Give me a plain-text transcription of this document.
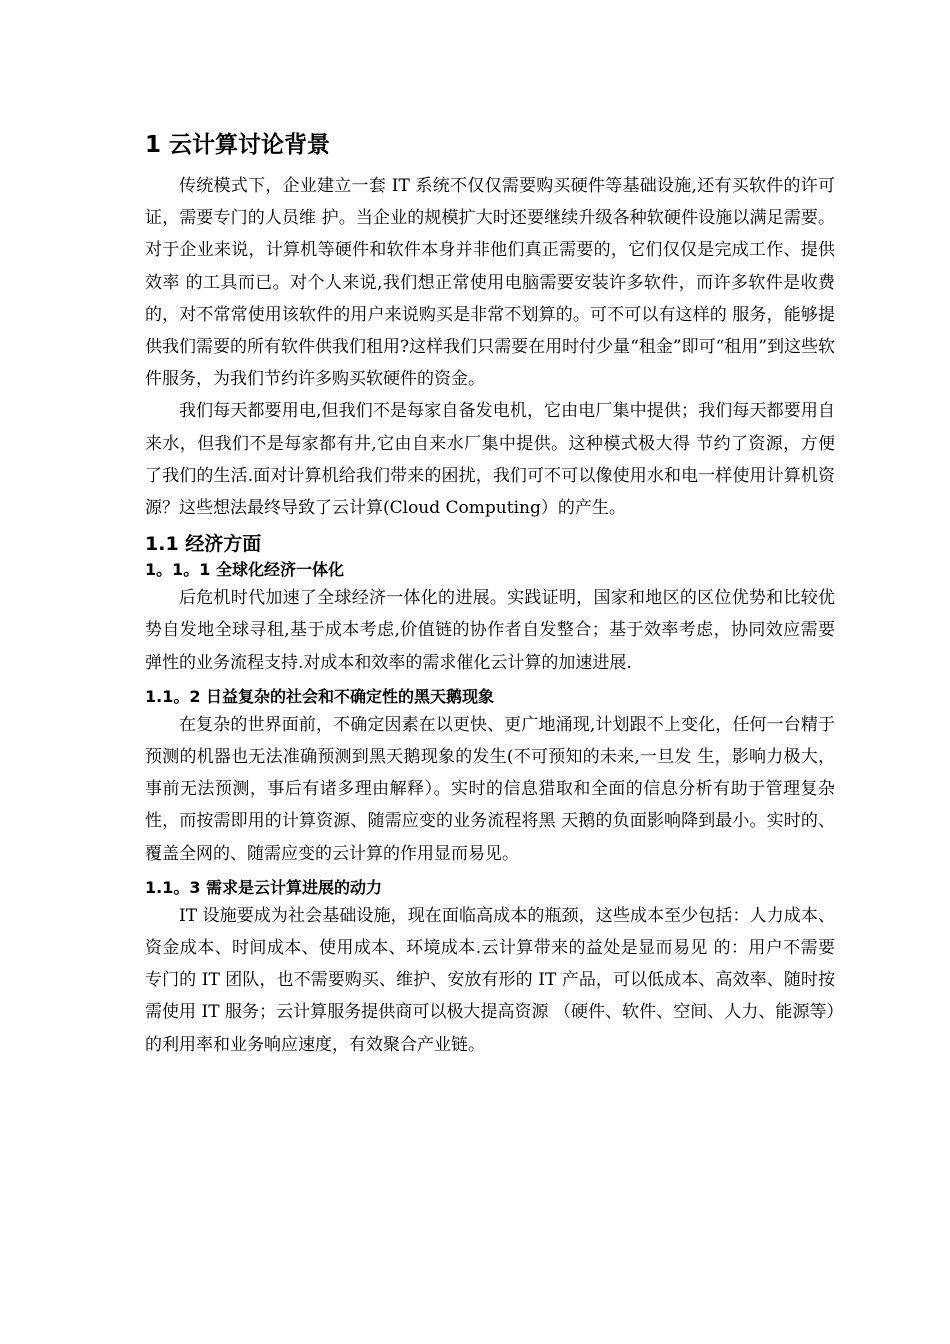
1 云计算讨论背景

传统模式下，企业建立一套 IT 系统不仅仅需要购买硬件等基础设施,还有买软件的许可证，需要专门的人员维 护。当企业的规模扩大时还要继续升级各种软硬件设施以满足需要。对于企业来说，计算机等硬件和软件本身并非他们真正需要的，它们仅仅是完成工作、提供效率 的工具而已。对个人来说,我们想正常使用电脑需要安装许多软件，而许多软件是收费的，对不常常使用该软件的用户来说购买是非常不划算的。可不可以有这样的 服务，能够提供我们需要的所有软件供我们租用?这样我们只需要在用时付少量“租金”即可“租用”到这些软件服务，为我们节约许多购买软硬件的资金。

我们每天都要用电,但我们不是每家自备发电机，它由电厂集中提供；我们每天都要用自来水，但我们不是每家都有井,它由自来水厂集中提供。这种模式极大得 节约了资源，方便了我们的生活.面对计算机给我们带来的困扰，我们可不可以像使用水和电一样使用计算机资源？这些想法最终导致了云计算(Cloud Computing）的产生。

1.1 经济方面
1。1。1 全球化经济一体化

后危机时代加速了全球经济一体化的进展。实践证明，国家和地区的区位优势和比较优势自发地全球寻租,基于成本考虑,价值链的协作者自发整合；基于效率考虑，协同效应需要弹性的业务流程支持.对成本和效率的需求催化云计算的加速进展.

1.1。2 日益复杂的社会和不确定性的黑天鹅现象

在复杂的世界面前，不确定因素在以更快、更广地涌现,计划跟不上变化，任何一台精于预测的机器也无法准确预测到黑天鹅现象的发生(不可预知的未来,一旦发 生，影响力极大，事前无法预测，事后有诸多理由解释）。实时的信息猎取和全面的信息分析有助于管理复杂性，而按需即用的计算资源、随需应变的业务流程将黑 天鹅的负面影响降到最小。实时的、覆盖全网的、随需应变的云计算的作用显而易见。

1.1。3 需求是云计算进展的动力

IT 设施要成为社会基础设施，现在面临高成本的瓶颈，这些成本至少包括：人力成本、资金成本、时间成本、使用成本、环境成本.云计算带来的益处是显而易见 的：用户不需要专门的 IT 团队，也不需要购买、维护、安放有形的 IT 产品，可以低成本、高效率、随时按需使用 IT 服务；云计算服务提供商可以极大提高资源 （硬件、软件、空间、人力、能源等）的利用率和业务响应速度，有效聚合产业链。
